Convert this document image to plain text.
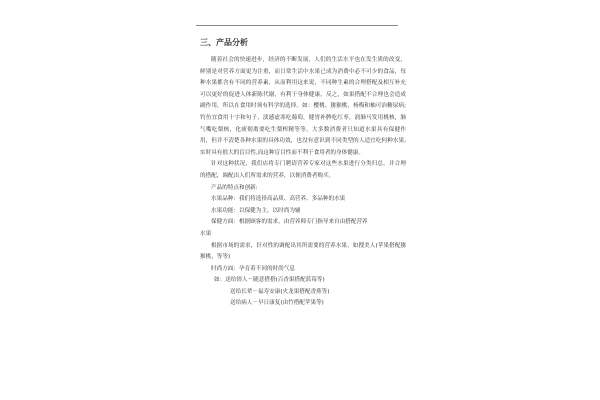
三、产品分析

随着社会的快速进步，经济的不断发展，人们的生活水平也在发生质的改变，鲜别是对营养方面更为注重，而日常生活中水果已成为消费中必不可少的食品，每种水果都含有不同的营养素，从而利用这来说，不同种生素的合理搭配及相互补充可以更好的促进人体新陈代谢，有利于身体健康。反之，如果搭配不合理也会造成副作用，所以在食用时须有科学的选择。如：樱桃、猕猴桃、杨梅和柚可治糖尿病;钓鱼宜食用十字和句子，淡感虚寒吃葡萄，健胃补脾吃红枣，润肺马发用桃核，肺气嘴吃梨核，化痰彻离要吃生梨榨精等等，大多数消费者只知道水果具有保健作用，但并不清楚各种水果的具体功效，也没有意识到不同类型的人适宜吃何种水果,实时具有很大的盲目性,而这种盲目性而不利于食用者的身体健康。

针对这种状况，我们店将专门聘请营养专家对这些水果进行分类归总，并合理的搭配，调配出人们所需求的营养，以便消费者购买。

产品的特点和创新:
水果品种：我们将选择高品质、高营养、多品种的水果
水果功能：以保健为主，以时尚为辅
保健方面：根据顾客的需求，由营养师专门指导来自由搭配营养
水果

根据市场的需求，针对性的调配出其所需要的营养水果，如搜美人(苹果搭配猕猴桃，等等)

时尚方面：孕育着不同的时尚气息
如：送给情人－随意搭搭(百香果搭配蓝莓等)
送给长辈－福寿安康(火龙果搭配香蕉等)
送给病人－早日康复(由竹搭配苹果等)
